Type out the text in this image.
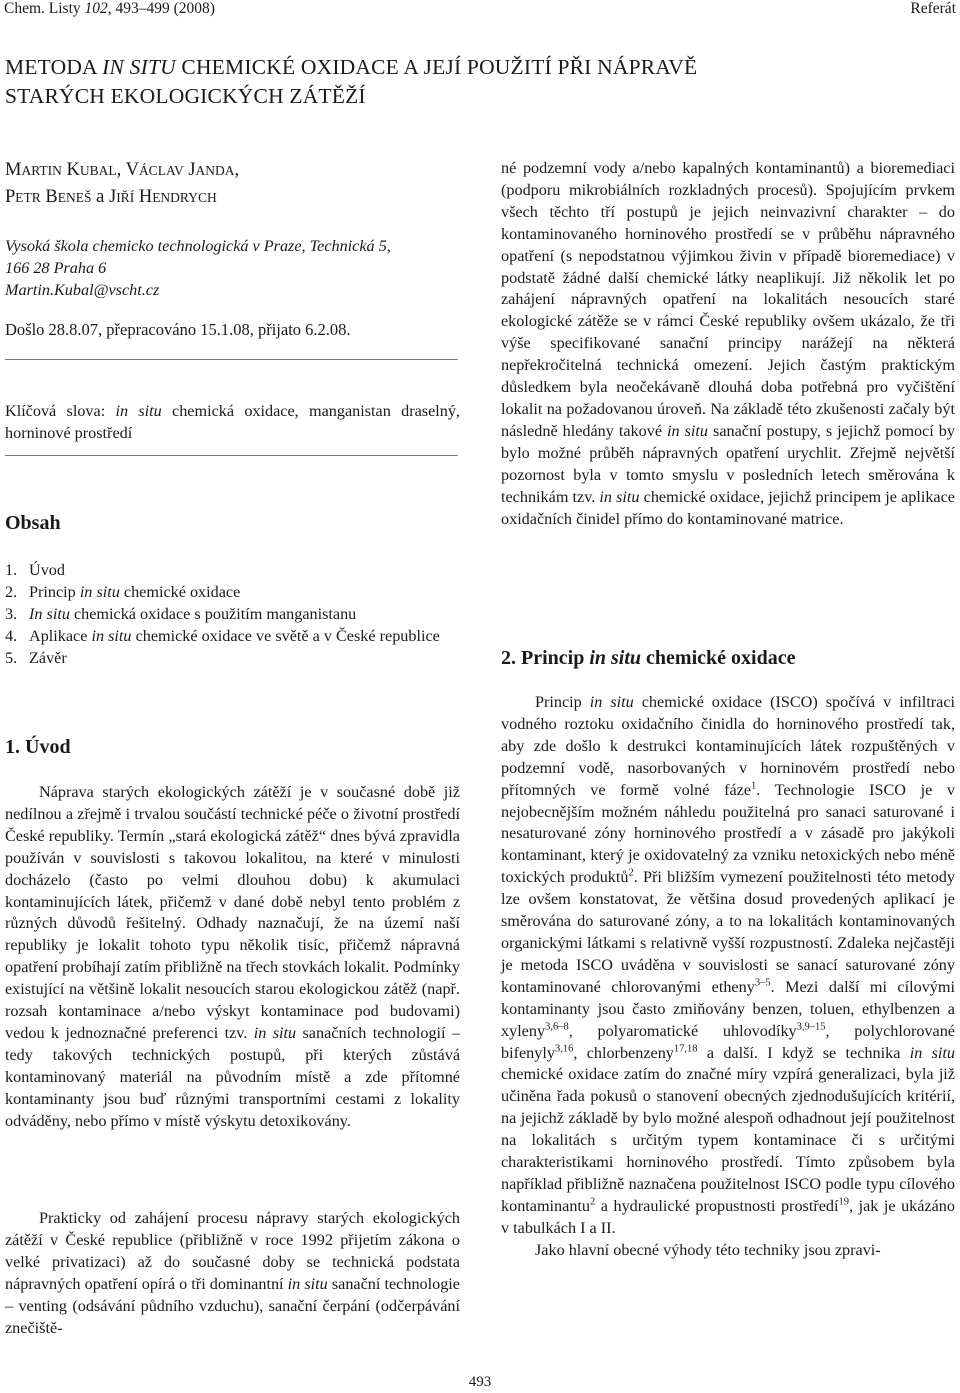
Chem. Listy 102, 493–499 (2008)	Referát
METODA IN SITU CHEMICKÉ OXIDACE A JEJÍ POUŽITÍ PŘI NÁPRAVĚ
STARÝCH EKOLOGICKÝCH ZÁTĚŽÍ
MARTIN KUBAL, VÁCLAV JANDA,
PETR BENEŠ a JIŘÍ HENDRYCH
Vysoká škola chemicko technologická v Praze, Technická 5,
166 28 Praha 6
Martin.Kubal@vscht.cz
Došlo 28.8.07, přepracováno 15.1.08, přijato 6.2.08.

Klíčová slova: in situ chemická oxidace, manganistan draselný, horninové prostředí

Obsah
1. Úvod
2. Princip in situ chemické oxidace
3. In situ chemická oxidace s použitím manganistanu
4. Aplikace in situ chemické oxidace ve světě a v České republice
5. Závěr
1. Úvod

Náprava starých ekologických zátěží je v současné době již nedílnou a zřejmě i trvalou součástí technické péče o životní prostředí České republiky. Termín „stará ekologická zátěž“ dnes bývá zpravidla používán v souvislosti s takovou lokalitou, na které v minulosti docházelo (často po velmi dlouhou dobu) k akumulaci kontaminujících látek, přičemž v dané době nebyl tento problém z různých důvodů řešitelný. Odhady naznačují, že na území naší republiky je lokalit tohoto typu několik tisíc, přičemž nápravná opatření probíhají zatím přibližně na třech stovkách lokalit. Podmínky existující na většině lokalit nesoucích starou ekologickou zátěž (např. rozsah kontaminace a/nebo výskyt kontaminace pod budovami) vedou k jednoznačné preferenci tzv. in situ sanačních technologií – tedy takových technických postupů, při kterých zůstává kontaminovaný materiál na původním místě a zde přítomné kontaminanty jsou buď různými transportními cestami z lokality odváděny, nebo přímo v místě výskytu detoxikovány.

Prakticky od zahájení procesu nápravy starých ekologických zátěží v České republice (přibližně v roce 1992 přijetím zákona o velké privatizaci) až do současné doby se technická podstata nápravných opatření opírá o tři dominantní in situ sanační technologie – venting (odsávání půdního vzduchu), sanační čerpání (odčerpávání znečiště-

né podzemní vody a/nebo kapalných kontaminantů) a bioremediaci (podporu mikrobiálních rozkladných procesů). Spojujícím prvkem všech těchto tří postupů je jejich neinvazivní charakter – do kontaminovaného horninového prostředí se v průběhu nápravného opatření (s nepodstatnou výjimkou živin v případě bioremediace) v podstatě žádné další chemické látky neaplikují. Již několik let po zahájení nápravných opatření na lokalitách nesoucích staré ekologické zátěže se v rámci České republiky ovšem ukázalo, že tři výše specifikované sanační principy narážejí na některá nepřekročitelná technická omezení. Jejich častým praktickým důsledkem byla neočekávaně dlouhá doba potřebná pro vyčištění lokalit na požadovanou úroveň. Na základě této zkušenosti začaly být následně hledány takové in situ sanační postupy, s jejichž pomocí by bylo možné průběh nápravných opatření urychlit. Zřejmě největší pozornost byla v tomto smyslu v posledních letech směrována k technikám tzv. in situ chemické oxidace, jejichž principem je aplikace oxidačních činidel přímo do kontaminované matrice.

2. Princip in situ chemické oxidace

Princip in situ chemické oxidace (ISCO) spočívá v infiltraci vodného roztoku oxidačního činidla do horninového prostředí tak, aby zde došlo k destrukci kontaminujících látek rozpuštěných v podzemní vodě, nasorbovaných v horninovém prostředí nebo přítomných ve formě volné fáze$^1$. Technologie ISCO je v nejobecnějším možném náhledu použitelná pro sanaci saturované i nesaturované zóny horninového prostředí a v zásadě pro jakýkoli kontaminant, který je oxidovatelný za vzniku netoxických nebo méně toxických produktů$^2$. Při bližším vymezení použitelnosti této metody lze ovšem konstatovat, že většina dosud provedených aplikací je směrována do saturované zóny, a to na lokalitách kontaminovaných organickými látkami s relativně vyšší rozpustností. Zdaleka nejčastěji je metoda ISCO uváděna v souvislosti se sanací saturované zóny kontaminované chlorovanými etheny$^{3-5}$. Mezi další mi cílovými kontaminanty jsou často zmiňovány benzen, toluen, ethylbenzen a xyleny$^{3,6-8}$, polyaromatické uhlovodíky$^{3,9-15}$, polychlorované bifenyly$^{3,16}$, chlorbenzeny$^{17,18}$ a další. I když se technika in situ chemické oxidace zatím do značné míry vzpírá generalizaci, byla již učiněna řada pokusů o stanovení obecných zjednodušujících kritérií, na jejichž základě by bylo možné alespoň odhadnout její použitelnost na lokalitách s určitým typem kontaminace či s určitými charakteristikami horninového prostředí. Tímto způsobem byla například přibližně naznačena použitelnost ISCO podle typu cílového kontaminantu$^2$ a hydraulické propustnosti prostředí$^{19}$, jak je ukázáno v tabulkách I a II.

Jako hlavní obecné výhody této techniky jsou zpravi-

493
